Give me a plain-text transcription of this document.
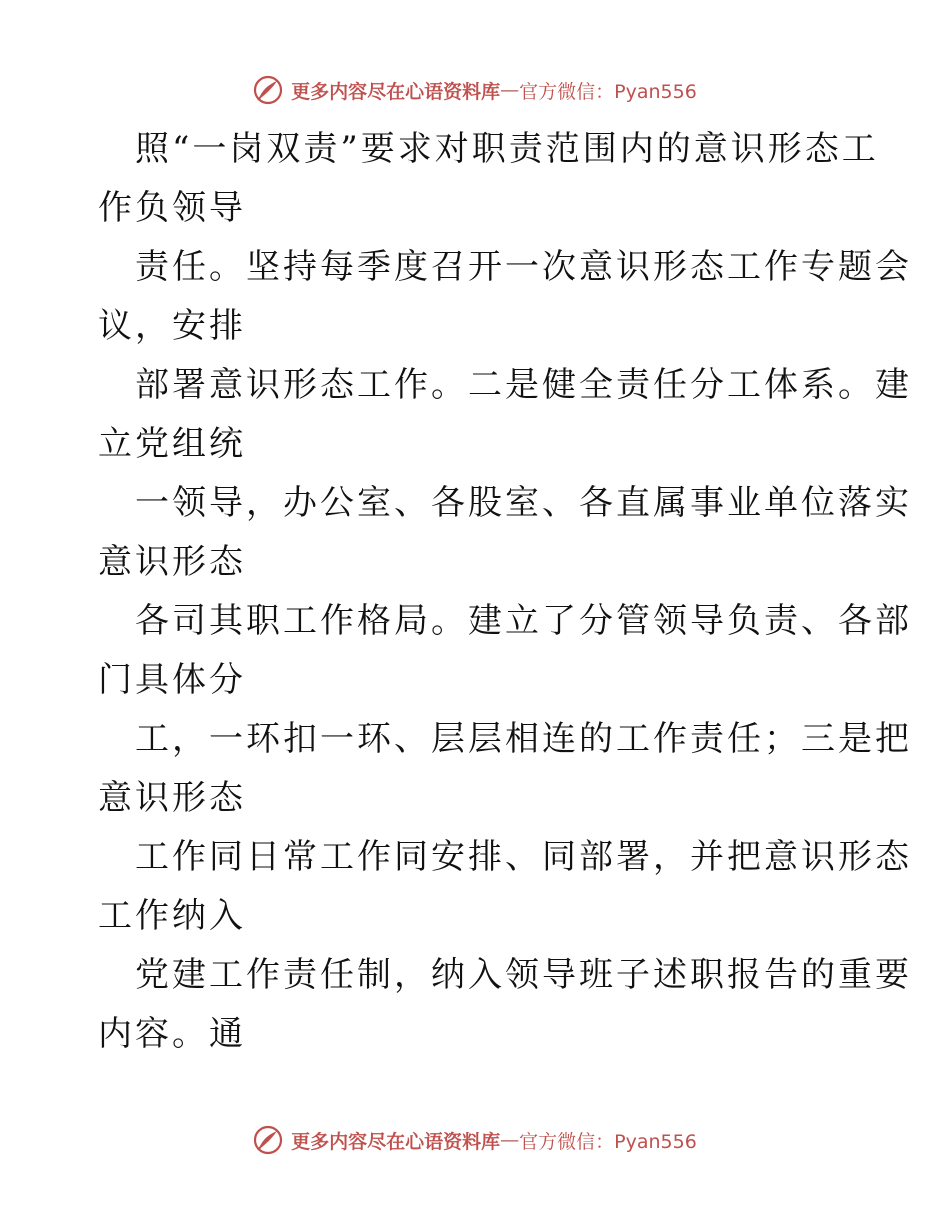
更多内容尽在心语资料库 — 官方微信：Pyan556
照“一岗双责”要求对职责范围内的意识形态工
作负领导
责任。坚持每季度召开一次意识形态工作专题会
议，安排
部署意识形态工作。二是健全责任分工体系。建
立党组统
一领导，办公室、各股室、各直属事业单位落实
意识形态
各司其职工作格局。建立了分管领导负责、各部
门具体分
工，一环扣一环、层层相连的工作责任；三是把
意识形态
工作同日常工作同安排、同部署，并把意识形态
工作纳入
党建工作责任制，纳入领导班子述职报告的重要
内容。通
更多内容尽在心语资料库 — 官方微信：Pyan556
